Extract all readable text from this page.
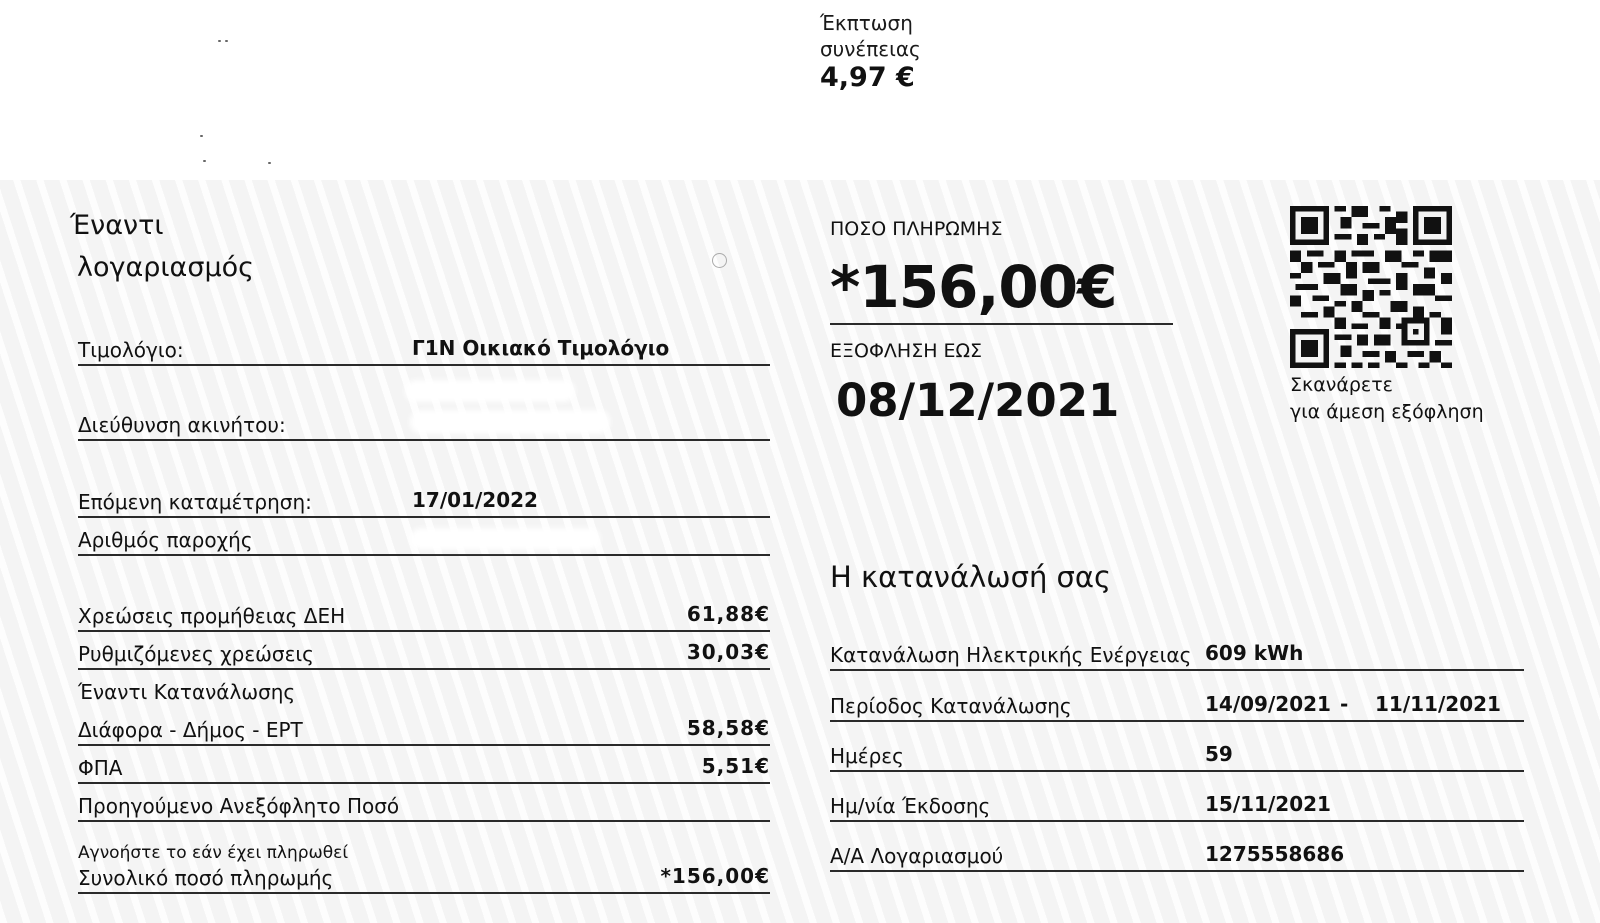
Έκπτωση συνέπειας
4,97 €
Έναντι
λογαριασμός
Τιμολόγιο:	Γ1Ν Οικιακό Τιμολόγιο
Διεύθυνση ακινήτου:
Επόμενη καταμέτρηση:	17/01/2022
Αριθμός παροχής
Χρεώσεις προμήθειας ΔΕΗ	61,88€
Ρυθμιζόμενες χρεώσεις	30,03€
Έναντι Κατανάλωσης
Διάφορα - Δήμος - ΕΡΤ	58,58€
ΦΠΑ	5,51€
Προηγούμενο Ανεξόφλητο Ποσό
Αγνοήστε το εάν έχει πληρωθεί
Συνολικό ποσό πληρωμής	*156,00€
ΠΟΣΟ ΠΛΗΡΩΜΗΣ
*156,00€
ΕΞΟΦΛΗΣΗ ΕΩΣ
08/12/2021	Σκανάρετε
για άμεση εξόφληση
Η κατανάλωσή σας
Κατανάλωση Ηλεκτρικής Ενέργειας 609 kWh
Περίοδος Κατανάλωσης	14/09/2021 - 11/11/2021
Ημέρες	59
Ημ/νία Έκδοσης	15/11/2021
Α/Α Λογαριασμού	1275558686
